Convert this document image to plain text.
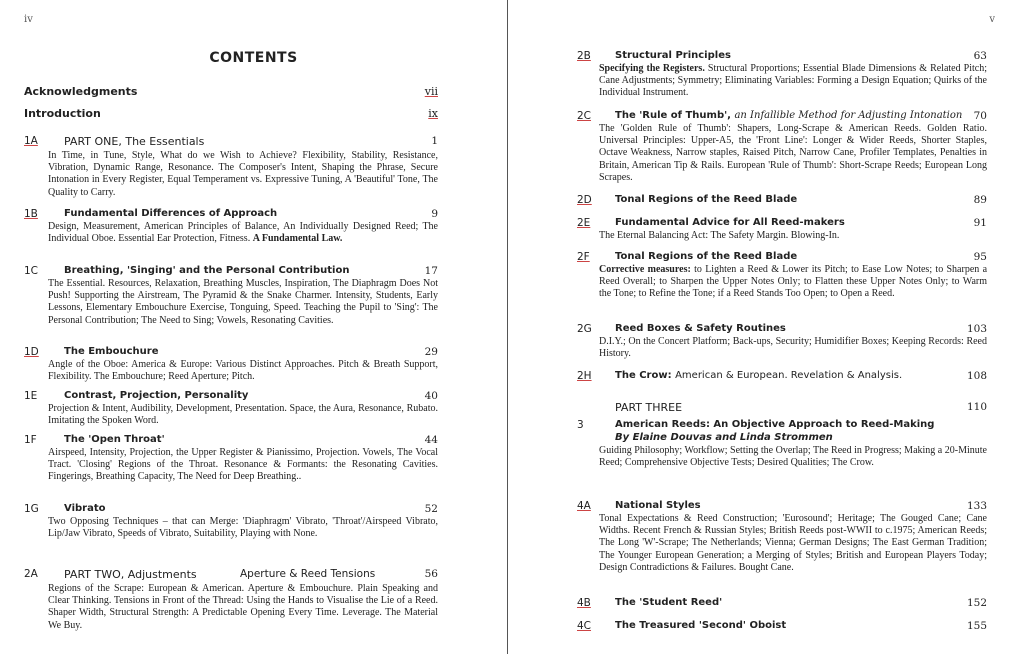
iv
CONTENTS
Acknowledgments	vii
Introduction	ix
1A PART ONE, The Essentials	1
In Time, in Tune, Style, What do we Wish to Achieve? Flexibility, Stability, Resistance, Vibration, Dynamic Range, Resonance. The Composer's Intent, Shaping the Phrase, Secure Intonation in Every Register, Equal Temperament vs. Expressive Tuning, A 'Beautiful' Tone, The Quality to Carry.
1B	Fundamental Differences of Approach	9
Design, Measurement, American Principles of Balance, An Individually Designed Reed; The Individual Oboe. Essential Ear Protection, Fitness. A Fundamental Law.
1C	Breathing, 'Singing' and the Personal Contribution	17
The Essential. Resources, Relaxation, Breathing Muscles, Inspiration, The Diaphragm Does Not Push! Supporting the Airstream, The Pyramid & the Snake Charmer. Intensity, Students, Early Lessons, Elementary Embouchure Exercise, Tonguing, Speed. Teaching the Pupil to 'Sing': The Personal Contribution; The Need to Sing; Vowels, Resonating Cavities.
1D	The Embouchure	29
Angle of the Oboe: America & Europe: Various Distinct Approaches. Pitch & Breath Support, Flexibility. The Embouchure; Reed Aperture; Pitch.
1E	Contrast, Projection, Personality	40
Projection & Intent, Audibility, Development, Presentation. Space, the Aura, Resonance, Rubato. Imitating the Spoken Word.
1F	The 'Open Throat'	44
Airspeed, Intensity, Projection, the Upper Register & Pianissimo, Projection. Vowels, The Vocal Tract. 'Closing' Regions of the Throat. Resonance & Formants: the Resonating Cavities. Fingerings, Breathing Capacity, The Need for Deep Breathing..
1G	Vibrato	52
Two Opposing Techniques – that can Merge: 'Diaphragm' Vibrato, 'Throat'/Airspeed Vibrato, Lip/Jaw Vibrato, Speeds of Vibrato, Suitability, Playing with None.
2A PART TWO, Adjustments	Aperture & Reed Tensions	56
Regions of the Scrape: European & American. Aperture & Embouchure. Plain Speaking and Clear Thinking. Tensions in Front of the Thread: Using the Hands to Visualise the Lie of a Reed. Shaper Width, Structural Strength: A Predictable Opening Every Time. Leverage. The Material We Buy.
v
2B Structural Principles	63
Specifying the Registers. Structural Proportions; Essential Blade Dimensions & Related Pitch; Cane Adjustments; Symmetry; Eliminating Variables: Forming a Design Equation; Quirks of the Individual Instrument.
2C The 'Rule of Thumb', an Infallible Method for Adjusting Intonation 70
The 'Golden Rule of Thumb': Shapers, Long-Scrape & American Reeds. Golden Ratio. Universal Principles: Upper-A5, the 'Front Line': Longer & Wider Reeds, Shorter Staples, Octave Weakness, Narrow staples, Raised Pitch, Narrow Cane, Profiler Templates, Penalties in Britain, American Tip & Rails. European 'Rule of Thumb': Short-Scrape Reeds; European Long Scrapes.
2D Tonal Regions of the Reed Blade	89
2E Fundamental Advice for All Reed-makers	91
The Eternal Balancing Act: The Safety Margin. Blowing-In.
2F	Tonal Regions of the Reed Blade	95
Corrective measures: to Lighten a Reed & Lower its Pitch; to Ease Low Notes; to Sharpen a Reed Overall; to Sharpen the Upper Notes Only; to Flatten these Upper Notes Only; to Warm the Tone; to Refine the Tone; if a Reed Stands Too Open; to Open a Reed.
2G Reed Boxes & Safety Routines	103
D.I.Y.; On the Concert Platform; Back-ups, Security; Humidifier Boxes; Keeping Records: Reed History.
2H The Crow: American & European. Revelation & Analysis.	108
PART THREE	110
3	American Reeds: An Objective Approach to Reed-Making
By Elaine Douvas and Linda Strommen
Guiding Philosophy; Workflow; Setting the Overlap; The Reed in Progress; Making a 20-Minute Reed; Comprehensive Objective Tests; Desired Qualities; The Crow.
4A National Styles	133
Tonal Expectations & Reed Construction; 'Eurosound'; Heritage; The Gouged Cane; Cane Widths. Recent French & Russian Styles; British Reeds post-WWII to c.1975; American Reeds; The Long 'W'-Scrape; The Netherlands; Vienna; German Designs; The East German Tradition; The Younger European Generation; a Merging of Styles; British and European Players Today; Design Contradictions & Failures. Bought Cane.
4B The 'Student Reed'	152
4C The Treasured 'Second' Oboist	155
